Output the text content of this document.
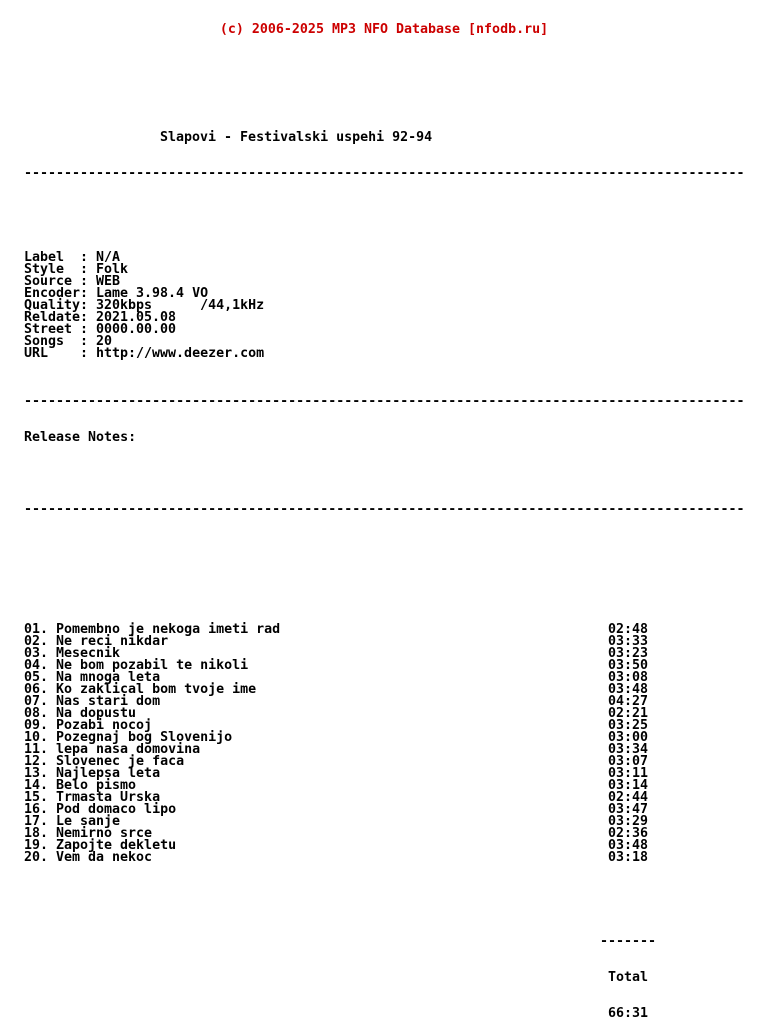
(c) 2006-2025 MP3 NFO Database [nfodb.ru]

Slapovi - Festivalski uspehi 92-94

------------------------------------------------------------------------------------------

Label : N/A
Style : Folk
Source : WEB
Encoder : Lame 3.98.4 VO
Quality : 320kbps      /44,1kHz
Reldate : 2021.05.08
Street : 0000.00.00
Songs : 20
URL : http://www.deezer.com

------------------------------------------------------------------------------------------

Release Notes:

------------------------------------------------------------------------------------------

01. Pomembno je nekoga imeti rad	02:48
02. Ne reci nikdar	03:33
03. Mesecnik	03:23
04. Ne bom pozabil te nikoli	03:50
05. Na mnoga leta	03:08
06. Ko zaklical bom tvoje ime	03:48
07. Nas stari dom	04:27
08. Na dopustu	02:21
09. Pozabi nocoj	03:25
10. Pozegnaj bog Slovenijo	03:00
11. lepa nasa domovina	03:34
12. Slovenec je faca	03:07
13. Najlepsa leta	03:11
14. Belo pismo	03:14
15. Trmasta Urska	02:44
16. Pod domaco lipo	03:47
17. Le sanje	03:29
18. Nemirno srce	02:36
19. Zapojte dekletu	03:48
20. Vem da nekoc	03:18

-------

Total

66:31
